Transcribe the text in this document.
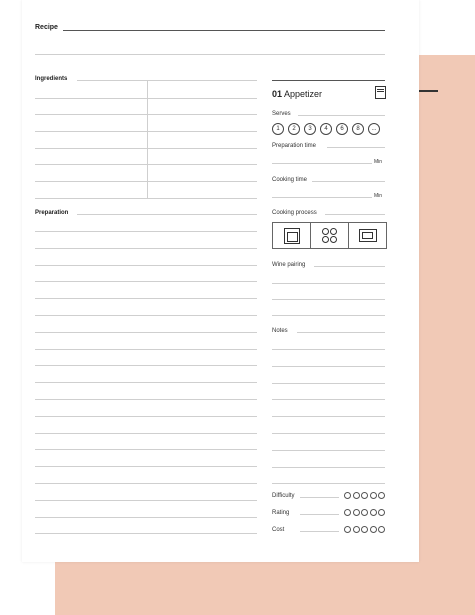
Recipe
Ingredients
Preparation
01 Appetizer
Serves
1	2	3	4	6	8	...
Preparation time
Min
Cooking time
Min
Cooking process
Wine pairing
Notes
Difficulty
Rating
Cost
